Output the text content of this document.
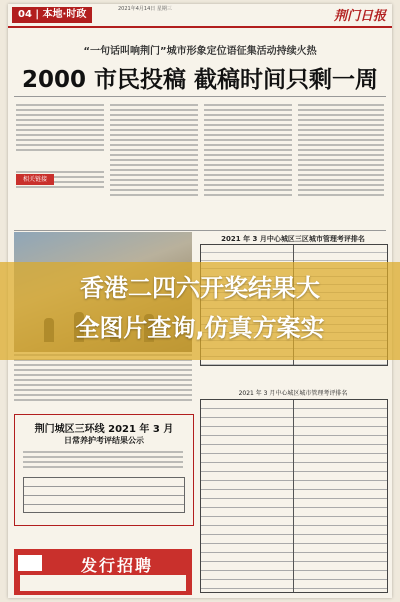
04 | 本地·时政	2021年4月14日 星期三	荆门日报
“一句话叫响荆门”城市形象定位语征集活动持续火热
2000 市民投稿 截稿时间只剩一周
相关链接
2021 年 3 月中心城区三区城市管理考评排名
2021 年 3 月中心城区城市管理考评排名
荆门城区三环线 2021 年 3 月
日常养护考评结果公示
发行招聘
香港二四六开奖结果大
全图片查询,仿真方案实
